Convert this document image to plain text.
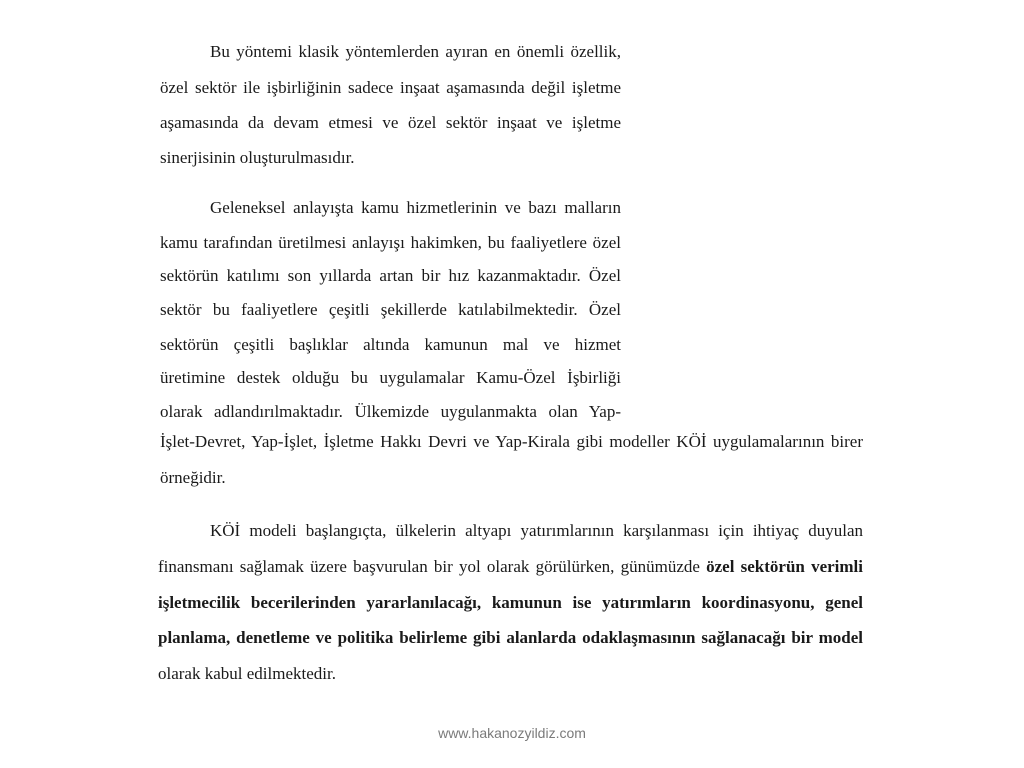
Bu yöntemi klasik yöntemlerden ayıran en önemli özellik,

özel sektör ile işbirliğinin sadece inşaat aşamasında değil işletme

aşamasında da devam etmesi ve özel sektör inşaat ve işletme

sinerjisinin oluşturulmasıdır.

Geleneksel anlayışta kamu hizmetlerinin ve bazı malların

kamu tarafından üretilmesi anlayışı hakimken, bu faaliyetlere özel

sektörün katılımı son yıllarda artan bir hız kazanmaktadır. Özel

sektör bu faaliyetlere çeşitli şekillerde katılabilmektedir. Özel

sektörün çeşitli başlıklar altında kamunun mal ve hizmet

üretimine destek olduğu bu uygulamalar Kamu-Özel İşbirliği

olarak adlandırılmaktadır. Ülkemizde uygulanmakta olan Yap-

İşlet-Devret, Yap-İşlet, İşletme Hakkı Devri ve Yap-Kirala gibi modeller KÖİ uygulamalarının birer

örneğidir.

KÖİ modeli başlangıçta, ülkelerin altyapı yatırımlarının karşılanması için ihtiyaç duyulan

finansmanı sağlamak üzere başvurulan bir yol olarak görülürken, günümüzde özel sektörün verimli

işletmecilik becerilerinden yararlanılacağı, kamunun ise yatırımların koordinasyonu, genel

planlama, denetleme ve politika belirleme gibi alanlarda odaklaşmasının sağlanacağı bir model

olarak kabul edilmektedir.

www.hakanozyildiz.com
